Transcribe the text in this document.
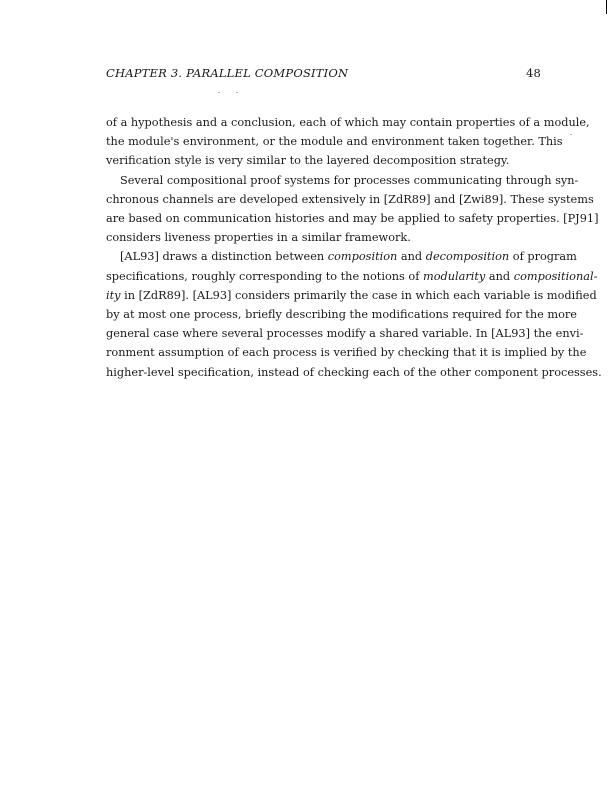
CHAPTER 3. PARALLEL COMPOSITION	48

of a hypothesis and a conclusion, each of which may contain properties of a module,
the module's environment, or the module and environment taken together. This
verification style is very similar to the layered decomposition strategy.

Several compositional proof systems for processes communicating through syn-
chronous channels are developed extensively in [ZdR89] and [Zwi89]. These systems
are based on communication histories and may be applied to safety properties. [PJ91]
considers liveness properties in a similar framework.

[AL93] draws a distinction between composition and decomposition of program
specifications, roughly corresponding to the notions of modularity and compositional-
ity in [ZdR89]. [AL93] considers primarily the case in which each variable is modified
by at most one process, briefly describing the modifications required for the more
general case where several processes modify a shared variable. In [AL93] the envi-
ronment assumption of each process is verified by checking that it is implied by the
higher-level specification, instead of checking each of the other component processes.
